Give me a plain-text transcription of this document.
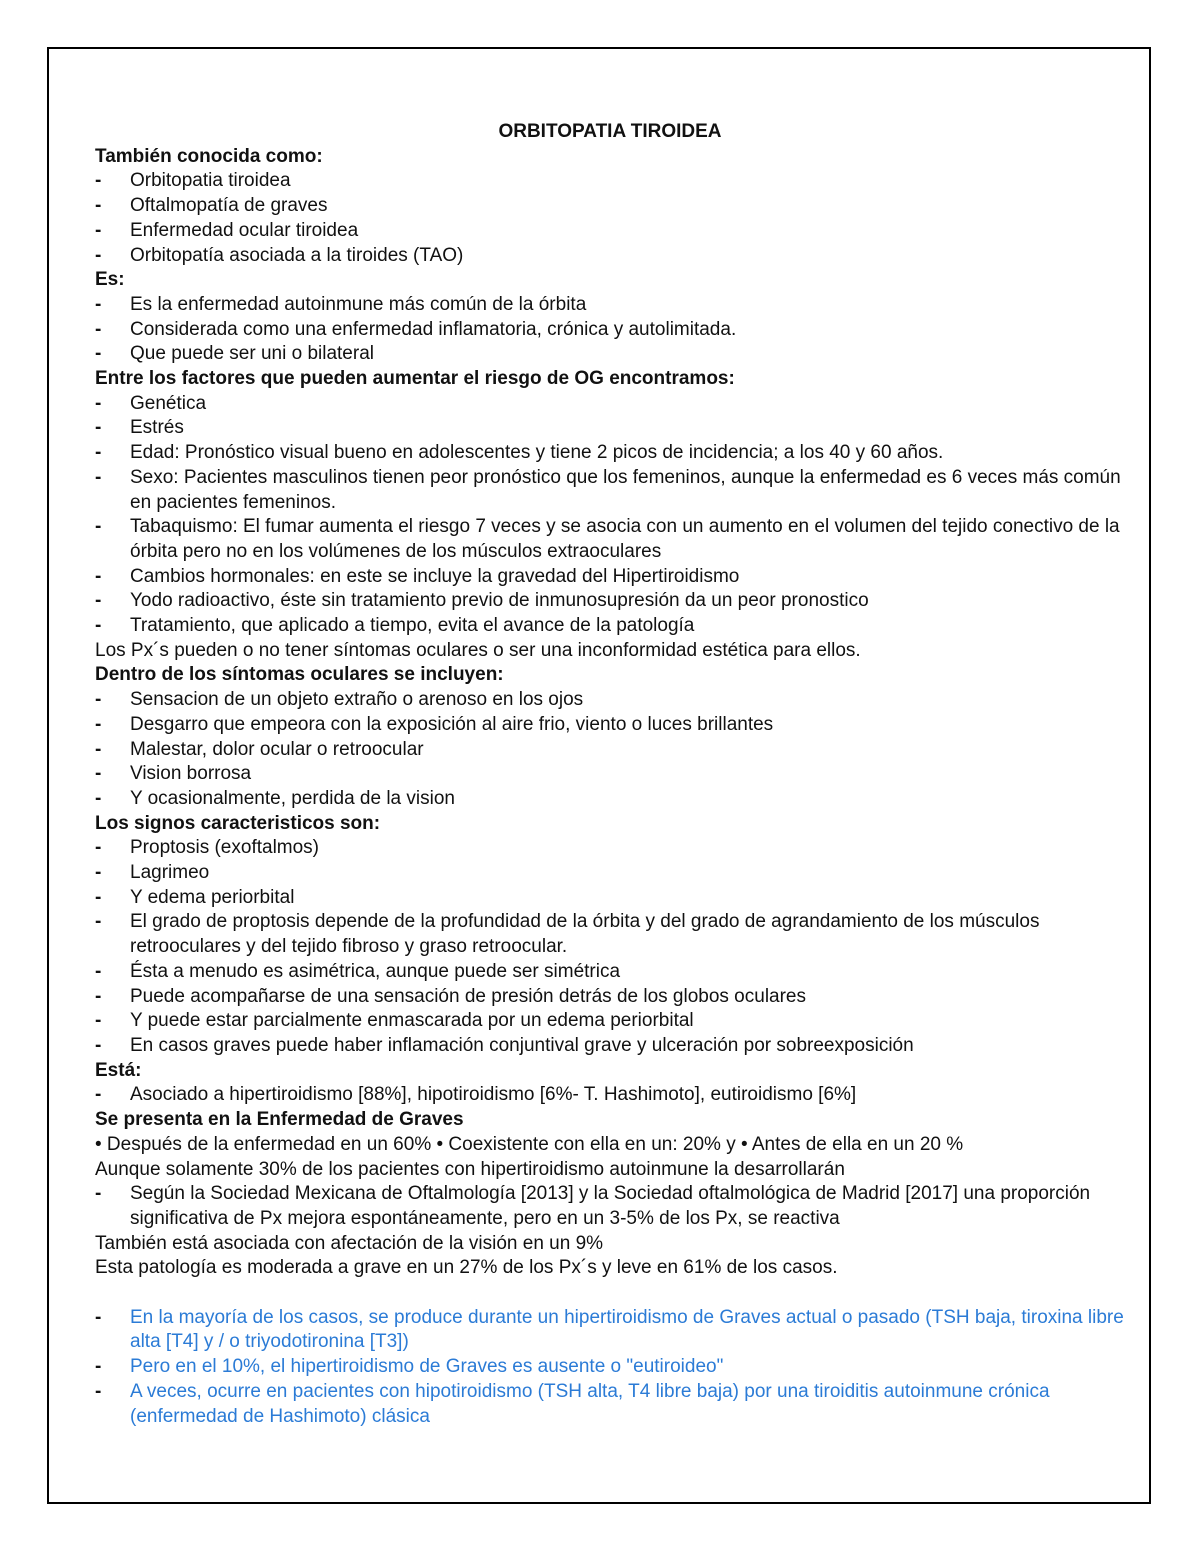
ORBITOPATIA TIROIDEA

También conocida como:

- Orbitopatia tiroidea
- Oftalmopatía de graves
- Enfermedad ocular tiroidea
- Orbitopatía asociada a la tiroides (TAO)

Es:

- Es la enfermedad autoinmune más común de la órbita
- Considerada como una enfermedad inflamatoria, crónica y autolimitada.
- Que puede ser uni o bilateral

Entre los factores que pueden aumentar el riesgo de OG encontramos:

- Genética
- Estrés
- Edad: Pronóstico visual bueno en adolescentes y tiene 2 picos de incidencia; a los 40 y 60 años.
- Sexo: Pacientes masculinos tienen peor pronóstico que los femeninos, aunque la enfermedad es 6 veces más común en pacientes femeninos.
- Tabaquismo: El fumar aumenta el riesgo 7 veces y se asocia con un aumento en el volumen del tejido conectivo de la órbita pero no en los volúmenes de los músculos extraoculares
- Cambios hormonales: en este se incluye la gravedad del Hipertiroidismo
- Yodo radioactivo, éste sin tratamiento previo de inmunosupresión da un peor pronostico
- Tratamiento, que aplicado a tiempo, evita el avance de la patología

Los Px´s pueden o no tener síntomas oculares o ser una inconformidad estética para ellos.

Dentro de los síntomas oculares se incluyen:

- Sensacion de un objeto extraño o arenoso en los ojos
- Desgarro que empeora con la exposición al aire frio, viento o luces brillantes
- Malestar, dolor ocular o retroocular
- Vision borrosa
- Y ocasionalmente, perdida de la vision

Los signos caracteristicos son:

- Proptosis (exoftalmos)
- Lagrimeo
- Y edema periorbital
- El grado de proptosis depende de la profundidad de la órbita y del grado de agrandamiento de los músculos retrooculares y del tejido fibroso y graso retroocular.
- Ésta a menudo es asimétrica, aunque puede ser simétrica
- Puede acompañarse de una sensación de presión detrás de los globos oculares
- Y puede estar parcialmente enmascarada por un edema periorbital
- En casos graves puede haber inflamación conjuntival grave y ulceración por sobreexposición

Está:

- Asociado a hipertiroidismo [88%], hipotiroidismo [6%- T. Hashimoto], eutiroidismo [6%]

Se presenta en la Enfermedad de Graves

• Después de la enfermedad en un 60% • Coexistente con ella en un: 20% y • Antes de ella en un 20 %

Aunque solamente 30% de los pacientes con hipertiroidismo autoinmune la desarrollarán

- Según la Sociedad Mexicana de Oftalmología [2013] y la Sociedad oftalmológica de Madrid [2017] una proporción significativa de Px mejora espontáneamente, pero en un 3-5% de los Px, se reactiva

También está asociada con afectación de la visión en un 9%

Esta patología es moderada a grave en un 27% de los Px´s y leve en 61% de los casos.

- En la mayoría de los casos, se produce durante un hipertiroidismo de Graves actual o pasado (TSH baja, tiroxina libre alta [T4] y / o triyodotironina [T3])
- Pero en el 10%, el hipertiroidismo de Graves es ausente o "eutiroideo"
- A veces, ocurre en pacientes con hipotiroidismo (TSH alta, T4 libre baja) por una tiroiditis autoinmune crónica (enfermedad de Hashimoto) clásica
